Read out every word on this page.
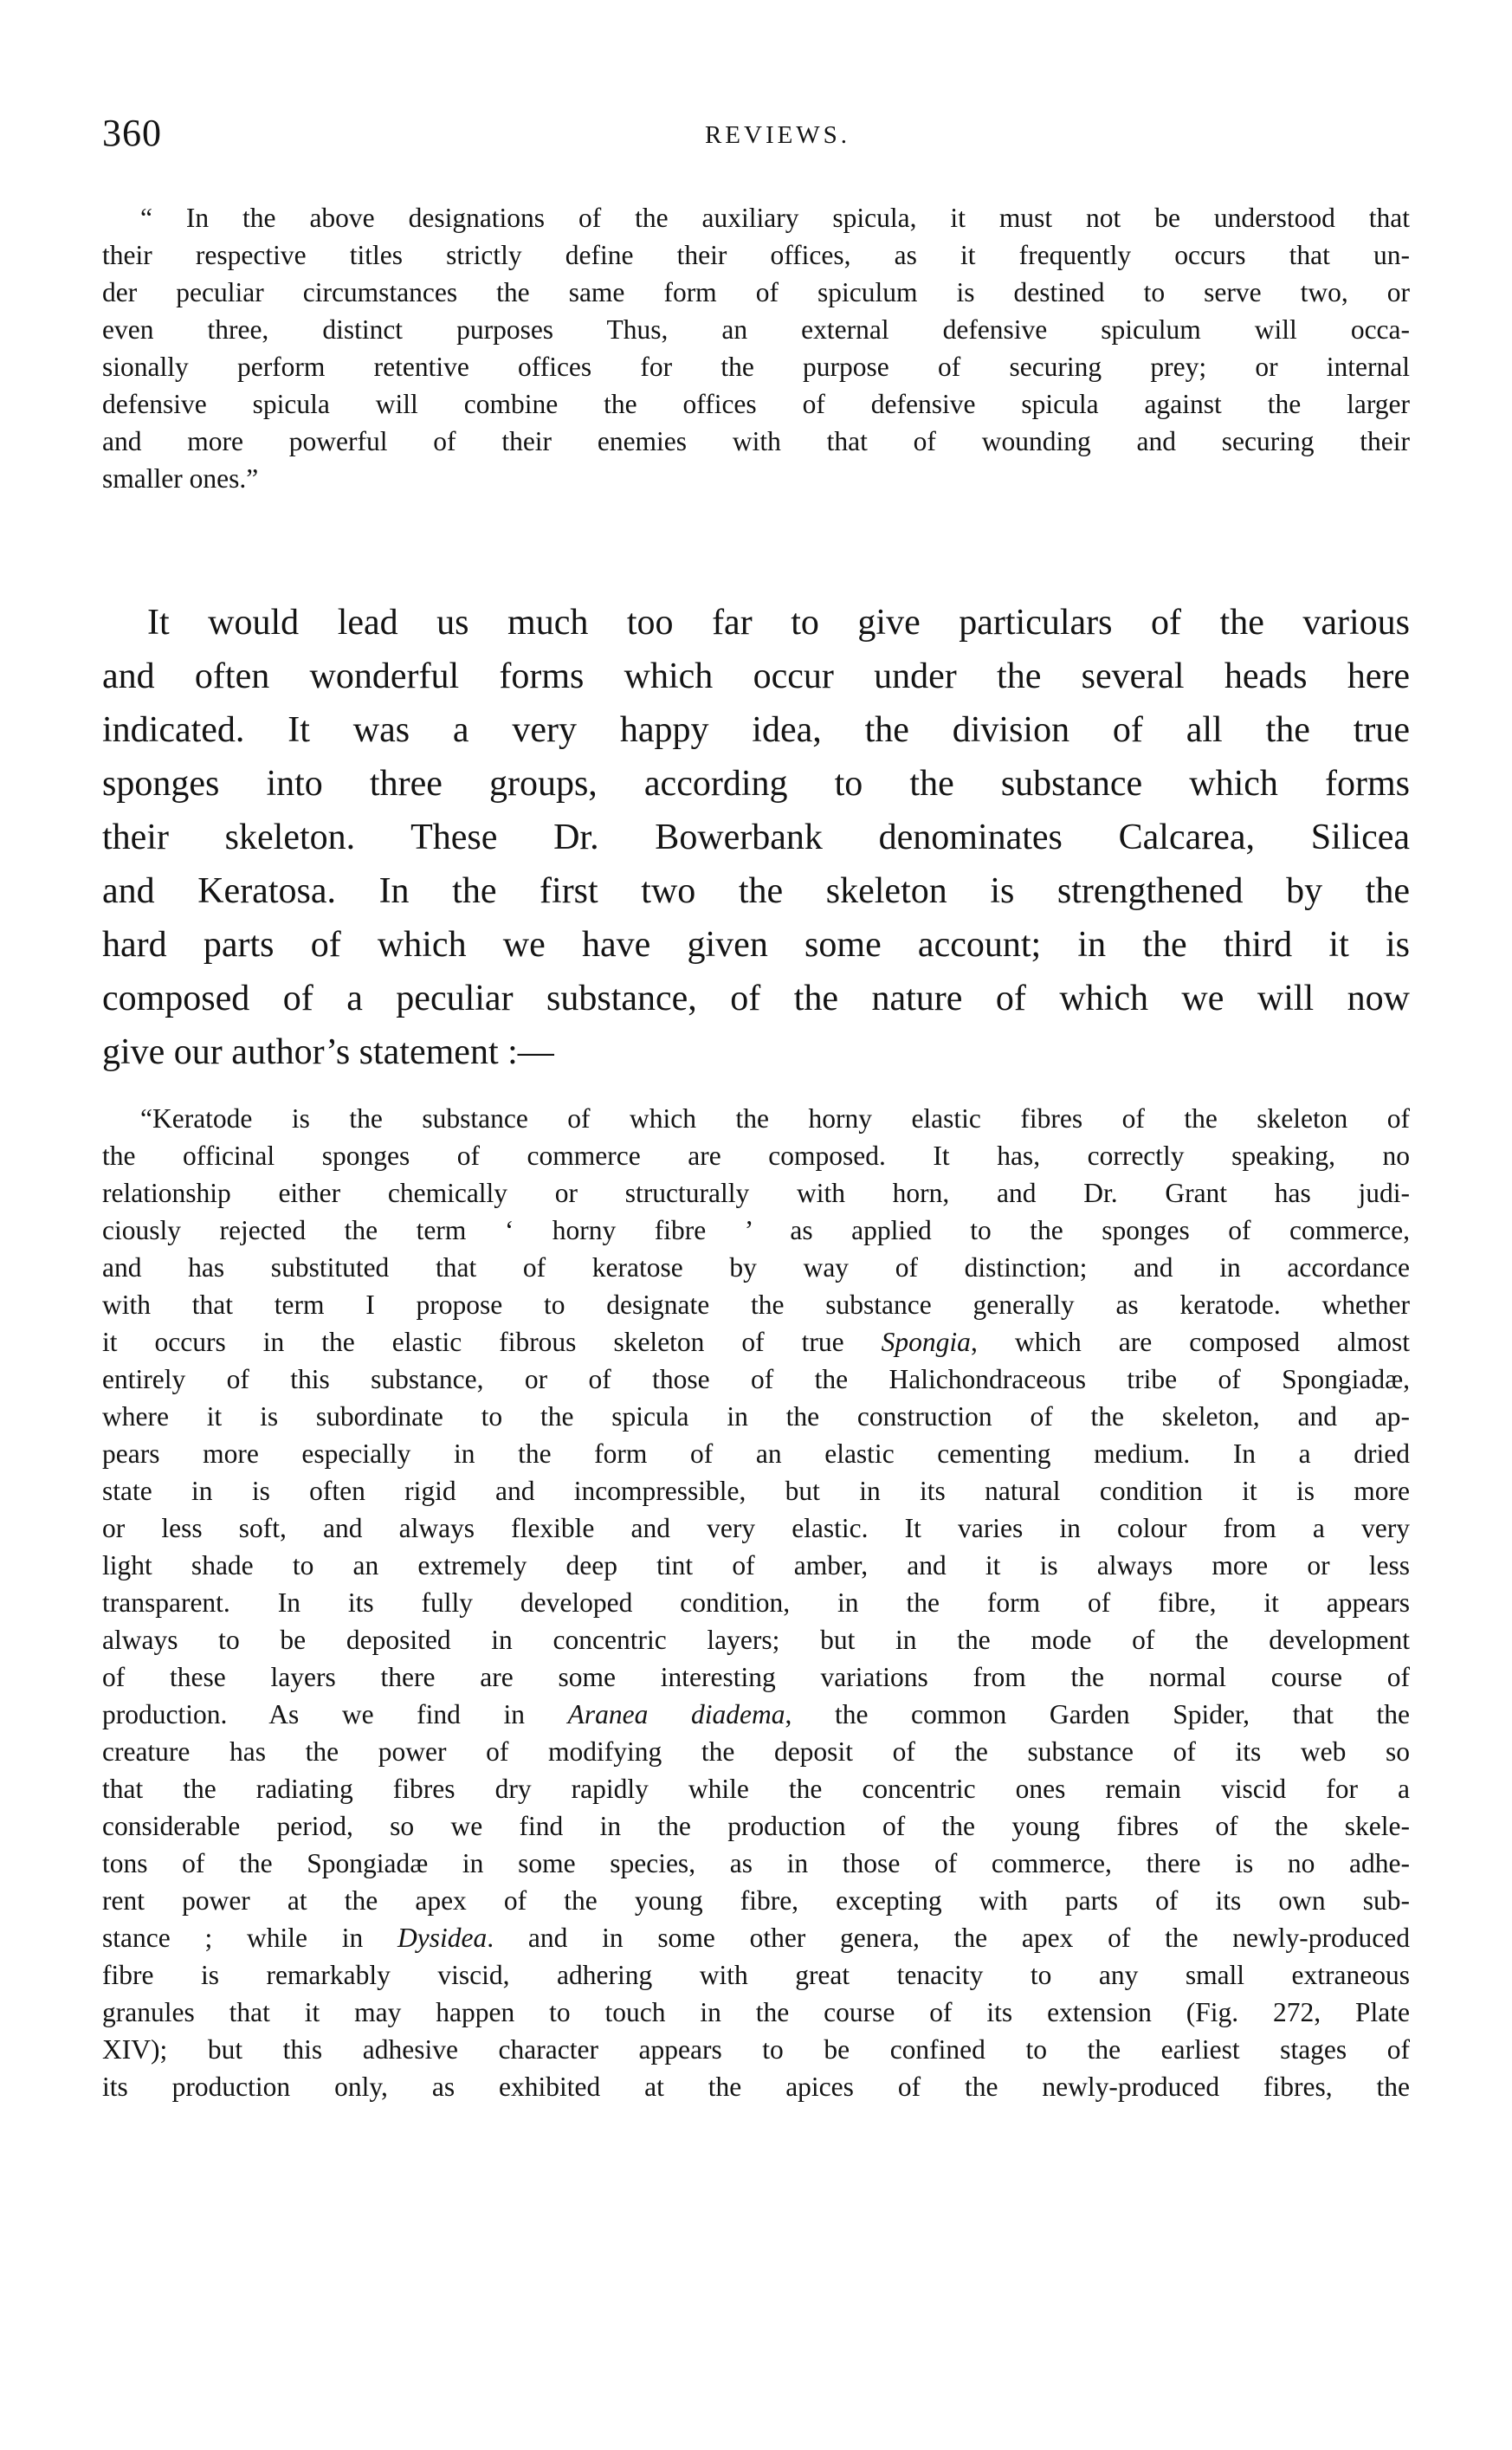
360	REVIEWS.
“ In the above designations of the auxiliary spicula, it must not be understood that
their respective titles strictly define their offices, as it frequently occurs that un-
der peculiar circumstances the same form of spiculum is destined to serve two, or
even three, distinct purposes Thus, an external defensive spiculum will occa-
sionally perform retentive offices for the purpose of securing prey; or internal
defensive spicula will combine the offices of defensive spicula against the larger
and more powerful of their enemies with that of wounding and securing their
smaller ones.”
It would lead us much too far to give particulars of the various
and often wonderful forms which occur under the several heads here
indicated. It was a very happy idea, the division of all the true
sponges into three groups, according to the substance which forms
their skeleton. These Dr. Bowerbank denominates Calcarea, Silicea
and Keratosa. In the first two the skeleton is strengthened by the
hard parts of which we have given some account; in the third it is
composed of a peculiar substance, of the nature of which we will now
give our author’s statement :—
“Keratode is the substance of which the horny elastic fibres of the skeleton of
the officinal sponges of commerce are composed. It has, correctly speaking, no
relationship either chemically or structurally with horn, and Dr. Grant has judi-
ciously rejected the term ‘ horny fibre ’ as applied to the sponges of commerce,
and has substituted that of keratose by way of distinction; and in accordance
with that term I propose to designate the substance generally as keratode. whether
it occurs in the elastic fibrous skeleton of true Spongia, which are composed almost
entirely of this substance, or of those of the Halichondraceous tribe of Spongiadæ,
where it is subordinate to the spicula in the construction of the skeleton, and ap-
pears more especially in the form of an elastic cementing medium. In a dried
state in is often rigid and incompressible, but in its natural condition it is more
or less soft, and always flexible and very elastic. It varies in colour from a very
light shade to an extremely deep tint of amber, and it is always more or less
transparent. In its fully developed condition, in the form of fibre, it appears
always to be deposited in concentric layers; but in the mode of the development
of these layers there are some interesting variations from the normal course of
production. As we find in Aranea diadema, the common Garden Spider, that the
creature has the power of modifying the deposit of the substance of its web so
that the radiating fibres dry rapidly while the concentric ones remain viscid for a
considerable period, so we find in the production of the young fibres of the skele-
tons of the Spongiadæ in some species, as in those of commerce, there is no adhe-
rent power at the apex of the young fibre, excepting with parts of its own sub-
stance ; while in Dysidea. and in some other genera, the apex of the newly-produced
fibre is remarkably viscid, adhering with great tenacity to any small extraneous
granules that it may happen to touch in the course of its extension (Fig. 272, Plate
XIV); but this adhesive character appears to be confined to the earliest stages of
its production only, as exhibited at the apices of the newly-produced fibres, the
